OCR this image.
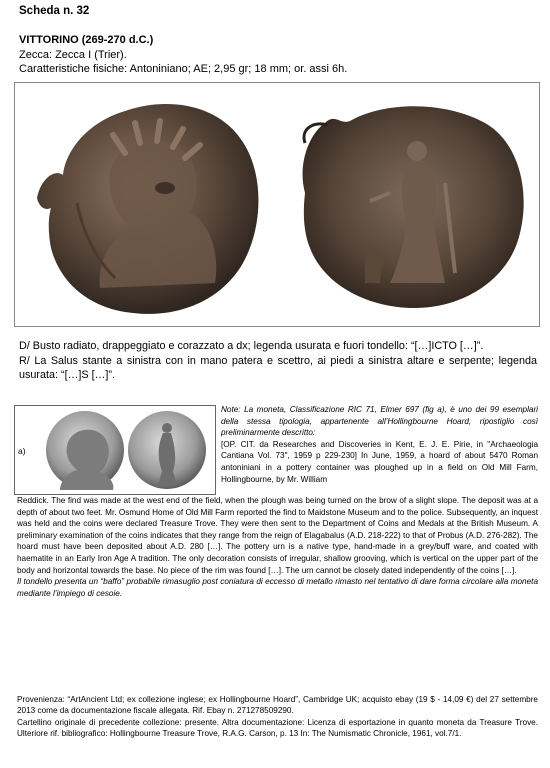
Scheda n. 32
VITTORINO (269-270 d.C.)
Zecca: Zecca I (Trier).
Caratteristiche fisiche: Antoniniano; AE; 2,95 gr; 18 mm; or. assi 6h.

D/ Busto radiato, drappeggiato e corazzato a dx; legenda usurata e fuori tondello: “[…]ICTO […]”.

R/ La Salus stante a sinistra con in mano patera e scettro, ai piedi a sinistra altare e serpente; legenda usurata: “[…]S […]”.

a)

Note: La moneta, Classificazione RIC 71, Elmer 697 (fig a), è uno dei 99 esemplari della stessa tipologia, appartenente all’Hollingbourne Hoard, ripostiglio così preliminarmente descritto:

[OP. CIT. da Researches and Discoveries in Kent, E. J. E. Pirie, in "Archaeologia Cantiana Vol. 73", 1959 p 229-230] In June, 1959, a hoard of about 5470 Roman antoniniani in a pottery container was ploughed up in a field on Old Mill Farm, Hollingbourne, by Mr. William

Reddick. The find was made at the west end of the field, when the plough was being turned on the brow of a slight slope. The deposit was at a depth of about two feet. Mr. Osmund Home of Old Mill Farm reported the find to Maidstone Museum and to the police. Subsequently, an inquest was held and the coins were declared Treasure Trove. They were then sent to the Department of Coins and Medals at the British Museum. A preliminary examination of the coins indicates that they range from the reign of Elagabalus (A.D. 218-222) to that of Probus (A.D. 276-282). The hoard must have been deposited about A.D. 280 […]. The pottery urn is a native type, hand-made in a grey/buff ware, and coated with haematite in an Early Iron Age A tradition. The only decoration consists of irregular, shallow grooving, which is vertical on the upper part of the body and horizontal towards the base. No piece of the rim was found […]. The urn cannot be closely dated independently of the coins […].

Il tondello presenta un “baffo” probabile rimasuglio post coniatura di eccesso di metallo rimasto nel tentativo di dare forma circolare alla moneta mediante l’impiego di cesoie.

Provenienza: “ArtAncient Ltd; ex collezione inglese; ex Hollingbourne Hoard”, Cambridge UK; acquisto ebay (19 $ - 14,09 €) del 27 settembre 2013 come da documentazione fiscale allegata. Rif. Ebay n. 271278509290.

Cartellino originale di precedente collezione: presente. Altra documentazione: Licenza di esportazione in quanto moneta da Treasure Trove. Ulteriore rif. bibliografico: Hollingbourne Treasure Trove, R.A.G. Carson, p. 13 In: The Numismatic Chronicle, 1961, vol.7/1.
